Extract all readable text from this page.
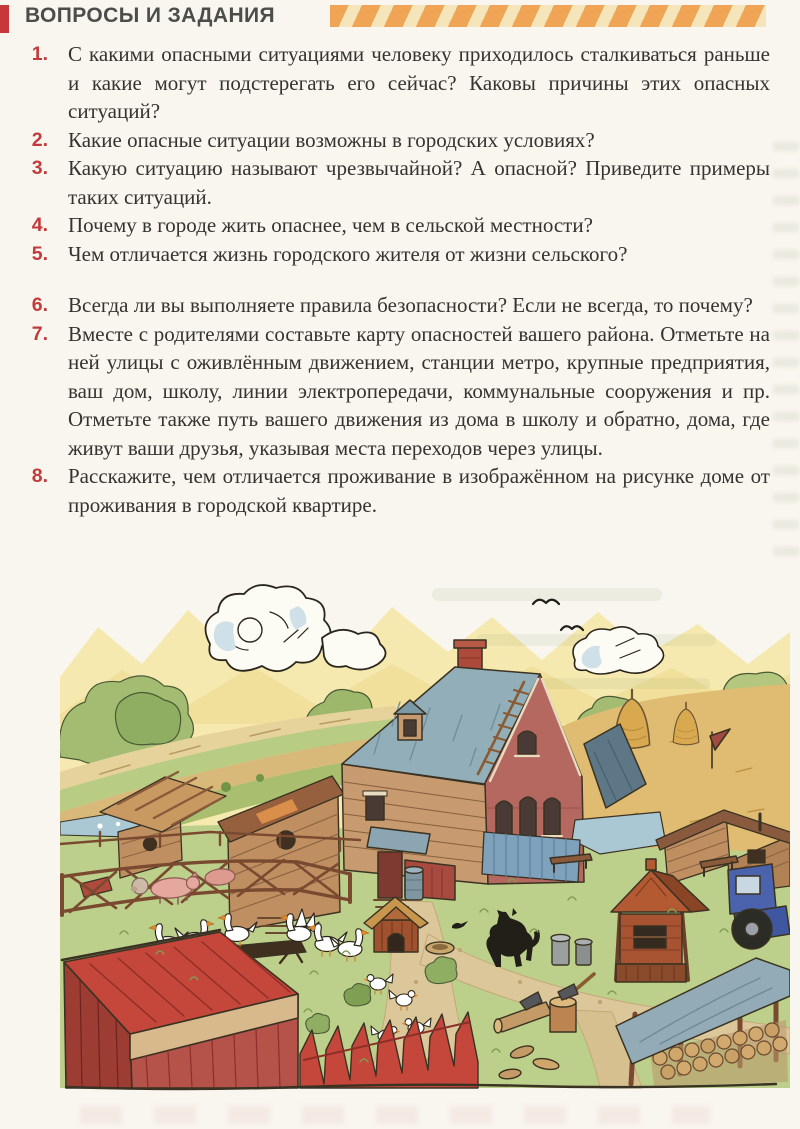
ВОПРОСЫ И ЗАДАНИЯ
1. С какими опасными ситуациями человеку приходилось сталкиваться раньше и какие могут подстерегать его сейчас? Каковы причины этих опасных ситуаций?
2. Какие опасные ситуации возможны в городских условиях?
3. Какую ситуацию называют чрезвычайной? А опасной? Приведите примеры таких ситуаций.
4. Почему в городе жить опаснее, чем в сельской местности?
5. Чем отличается жизнь городского жителя от жизни сельского?
6. Всегда ли вы выполняете правила безопасности? Если не всегда, то почему?
7. Вместе с родителями составьте карту опасностей вашего района. Отметьте на ней улицы с оживлённым движением, станции метро, крупные предприятия, ваш дом, школу, линии электропередачи, коммунальные сооружения и пр. Отметьте также путь вашего движения из дома в школу и обратно, дома, где живут ваши друзья, указывая места переходов через улицы.
8. Расскажите, чем отличается проживание в изображённом на рисунке доме от проживания в городской квартире.
